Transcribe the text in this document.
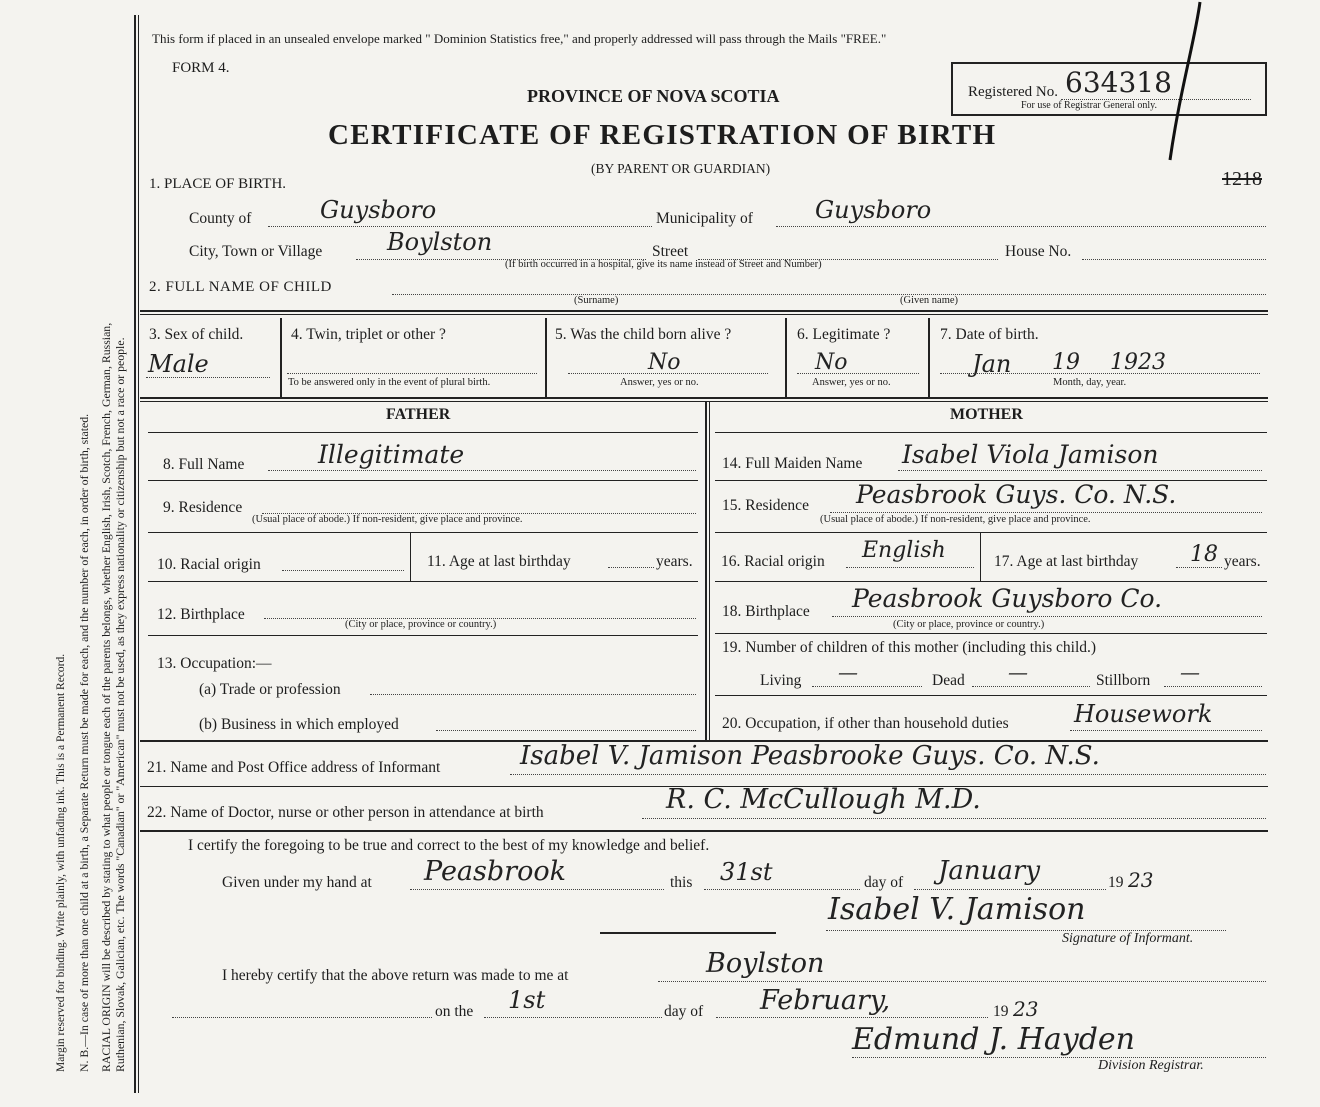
Margin reserved for binding. Write plainly, with unfading ink. This is a Permanent Record. N. B.—In case of more than one child at a birth, a Separate Return must be made for each, and the number of each, in order of birth, stated. RACIAL ORIGIN will be described by stating to what people or tongue each of the parents belongs, whether English, Irish, Scotch, French, German, Russian, Ruthenian, Slovak, Galician, etc. The words "Canadian" or "American" must not be used, as they express nationality or citizenship but not a race or people.
This form if placed in an unsealed envelope marked " Dominion Statistics free," and properly addressed will pass through the Mails "FREE."
FORM 4.
PROVINCE OF NOVA SCOTIA
CERTIFICATE OF REGISTRATION OF BIRTH
(BY PARENT OR GUARDIAN)
Registered No. 634318
For use of Registrar General only.
1218
1. PLACE OF BIRTH.
County of	Guysboro	Municipality of	Guysboro
City, Town or Village	Boylston	Street	House No.
(If birth occurred in a hospital, give its name instead of Street and Number)
2. FULL NAME OF CHILD
(Surname)	(Given name)
3. Sex of child.
Male
4. Twin, triplet or other ?
To be answered only in the event of plural birth.
5. Was the child born alive ?
No
Answer, yes or no.
6. Legitimate ?
No
Answer, yes or no.
7. Date of birth.
Jan 19 1923
Month, day, year.
FATHER	MOTHER
8. Full Name	Illegitimate
9. Residence
(Usual place of abode.) If non-resident, give place and province.
10. Racial origin	11. Age at last birthday	years.
12. Birthplace
(City or place, province or country.)
13. Occupation:—
(a) Trade or profession
(b) Business in which employed
14. Full Maiden Name Isabel Viola Jamison
15. Residence Peasbrook Guys. Co. N.S.
(Usual place of abode.) If non-resident, give place and province.
16. Racial origin English	17. Age at last birthday 18 years.
18. Birthplace Peasbrook Guysboro Co.
(City or place, province or country.)
19. Number of children of this mother (including this child.)
Living —	Dead —	Stillborn —
20. Occupation, if other than household duties	Housework
21. Name and Post Office address of Informant	Isabel V. Jamison Peasbrooke Guys. Co. N.S.
22. Name of Doctor, nurse or other person in attendance at birth	R. C. McCullough M.D.
I certify the foregoing to be true and correct to the best of my knowledge and belief.
Given under my hand at Peasbrook	this 31st	day of January	19 23
Isabel V. Jamison
Signature of Informant.
I hereby certify that the above return was made to me at	Boylston
on the 1st	day of February,	19 23
Edmund J. Hayden
Division Registrar.
